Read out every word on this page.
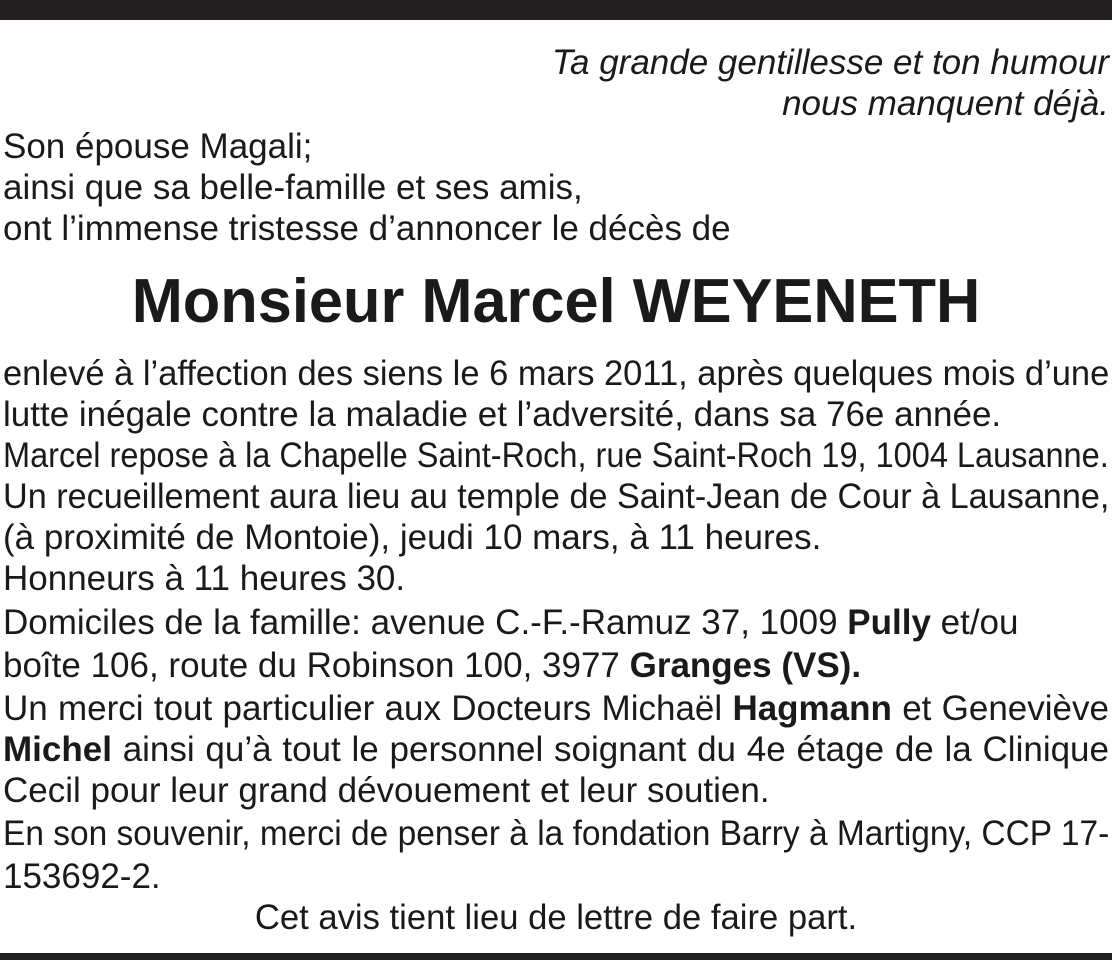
Ta grande gentillesse et ton humour
nous manquent déjà.
Son épouse Magali;
ainsi que sa belle-famille et ses amis,
ont l’immense tristesse d’annoncer le décès de
Monsieur Marcel WEYENETH
enlevé à l’affection des siens le 6 mars 2011, après quelques mois d’une
lutte inégale contre la maladie et l’adversité, dans sa 76e année.
Marcel repose à la Chapelle Saint-Roch, rue Saint-Roch 19, 1004 Lausanne.
Un recueillement aura lieu au temple de Saint-Jean de Cour à Lausanne,
(à proximité de Montoie), jeudi 10 mars, à 11 heures.
Honneurs à 11 heures 30.
Domiciles de la famille: avenue C.-F.-Ramuz 37, 1009 Pully et/ou
boîte 106, route du Robinson 100, 3977 Granges (VS).
Un merci tout particulier aux Docteurs Michaël Hagmann et Geneviève
Michel ainsi qu’à tout le personnel soignant du 4e étage de la Clinique
Cecil pour leur grand dévouement et leur soutien.
En son souvenir, merci de penser à la fondation Barry à Martigny, CCP 17-
153692-2.
Cet avis tient lieu de lettre de faire part.
